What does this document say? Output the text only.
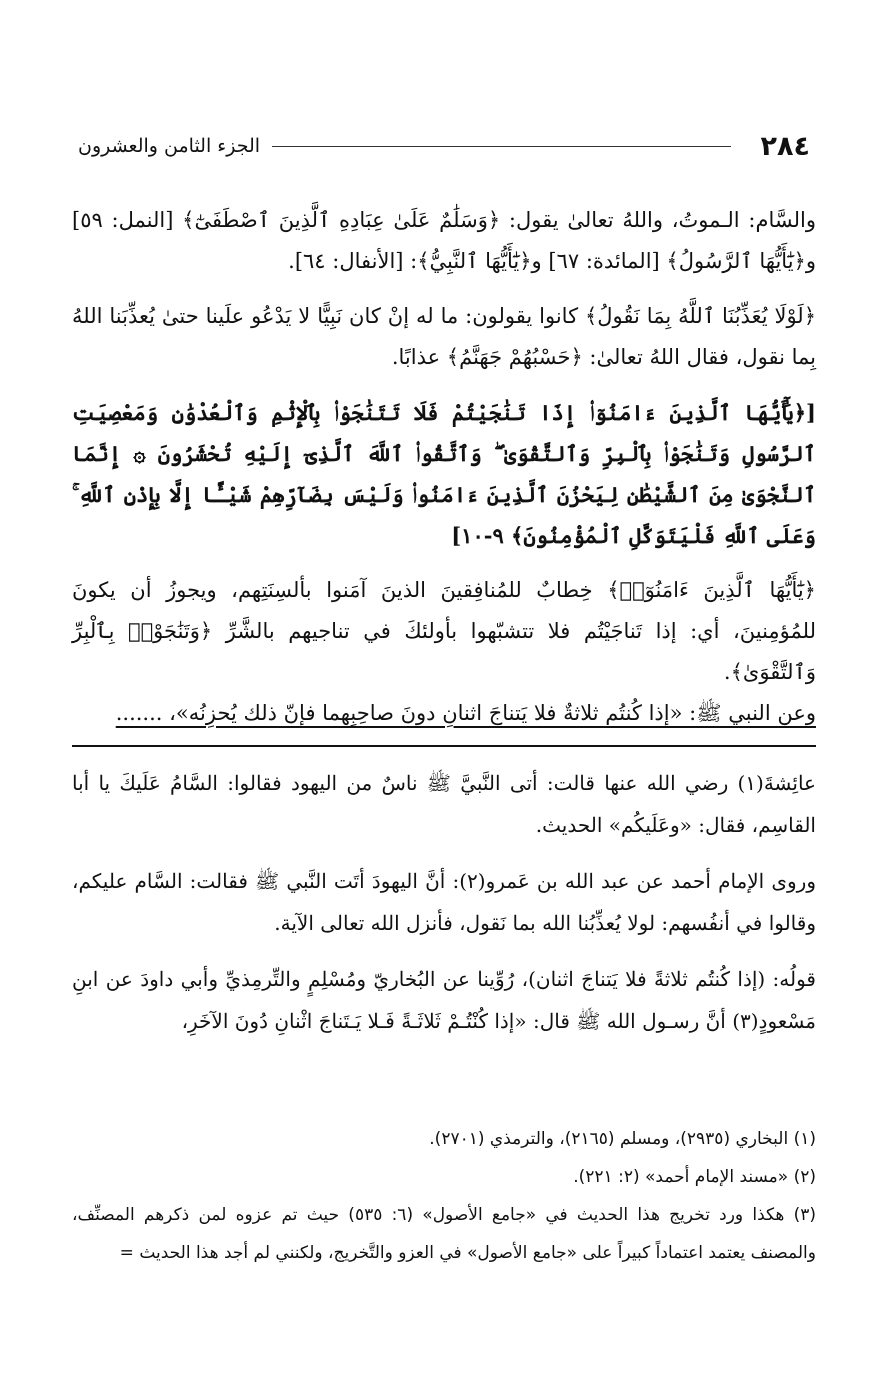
٢٨٤
الجزء الثامن والعشرون

والسَّام: الـموتُ، واللهُ تعالىٰ يقول: ﴿وَسَلَٰمٌ عَلَىٰ عِبَادِهِ ٱلَّذِينَ ٱصْطَفَىٰٓ﴾ [النمل: ٥٩] و﴿يَٰٓأَيُّهَا ٱلرَّسُولُ﴾ [المائدة: ٦٧] و﴿يَٰٓأَيُّهَا ٱلنَّبِيُّ﴾: [الأنفال: ٦٤].

﴿لَوْلَا يُعَذِّبُنَا ٱللَّهُ بِمَا نَقُولُ﴾ كانوا يقولون: ما له إنْ كان نَبِيًّا لا يَدْعُو علَينا حتىٰ يُعذِّبَنا اللهُ بِما نقول، فقال اللهُ تعالىٰ: ﴿حَسْبُهُمْ جَهَنَّمُ﴾ عذابًا.

[﴿يَٰٓأَيُّهَا ٱلَّذِينَ ءَامَنُوٓا۟ إِذَا تَنَٰجَيْتُمْ فَلَا تَتَنَٰجَوْا۟ بِٱلْإِثْمِ وَٱلْعُدْوَٰنِ وَمَعْصِيَتِ ٱلرَّسُولِ وَتَنَٰجَوْا۟ بِٱلْبِرِّ وَٱلتَّقْوَىٰ ۖ وَٱتَّقُوا۟ ٱللَّهَ ٱلَّذِىٓ إِلَيْهِ تُحْشَرُونَ ۞ إِنَّمَا ٱلنَّجْوَىٰ مِنَ ٱلشَّيْطَٰنِ لِيَحْزُنَ ٱلَّذِينَ ءَامَنُوا۟ وَلَيْسَ بِضَآرِّهِمْ شَيْـًٔا إِلَّا بِإِذْنِ ٱللَّهِ ۚ وَعَلَى ٱللَّهِ فَلْيَتَوَكَّلِ ٱلْمُؤْمِنُونَ﴾ ٩-١٠]

﴿يَٰٓأَيُّهَا ٱلَّذِينَ ءَامَنُوٓا۟﴾ خِطابٌ للمُنافِقينَ الذينَ آمَنوا بألسِنَتِهم، ويجوزُ أن يكونَ للمُؤمِنينَ، أي: إذا تَناجَيْتُم فلا تتشبّهوا بأولئكَ في تناجيهم بالشَّرِّ ﴿وَتَنَٰجَوْا۟ بِٱلْبِرِّ وَٱلتَّقْوَىٰ﴾.

وعن النبي ﷺ: «إذا كُنتُم ثلاثةٌ فلا يَتناجَ اثنانِ دونَ صاحِبِهما فإنّ ذلك يُحزِنُه»، .......

عائِشةَ(١) رضي الله عنها قالت: أتى النَّبيَّ ﷺ ناسٌ من اليهود فقالوا: السَّامُ عَلَيكَ يا أبا القاسِم، فقال: «وعَلَيكُم» الحديث.

وروى الإمام أحمد عن عبد الله بن عَمرو(٢): أنَّ اليهودَ أتَت النَّبي ﷺ فقالت: السَّام عليكم، وقالوا في أنفُسهم: لولا يُعذِّبُنا الله بما نَقول، فأنزل الله تعالى الآية.

قولُه: (إذا كُنتُم ثلاثةً فلا يَتناجَ اثنان)، رُوِّينا عن البُخاريّ ومُسْلِمٍ والتِّرمِذيِّ وأبي داودَ عن ابنِ مَسْعودٍ(٣) أنَّ رسـول الله ﷺ قال: «إذا كُنْتُـمْ ثَلاثَـةً فَـلا يَـتَناجَ اثْنانِ دُونَ الآخَرِ،

(١) البخاري (٢٩٣٥)، ومسلم (٢١٦٥)، والترمذي (٢٧٠١).

(٢) «مسند الإمام أحمد» (٢: ٢٢١).

(٣) هكذا ورد تخريج هذا الحديث في «جامع الأصول» (٦: ٥٣٥) حيث تم عزوه لمن ذكرهم المصنِّف، والمصنف يعتمد اعتماداً كبيراً على «جامع الأصول» في العزو والتَّخريج، ولكنني لم أجد هذا الحديث =
